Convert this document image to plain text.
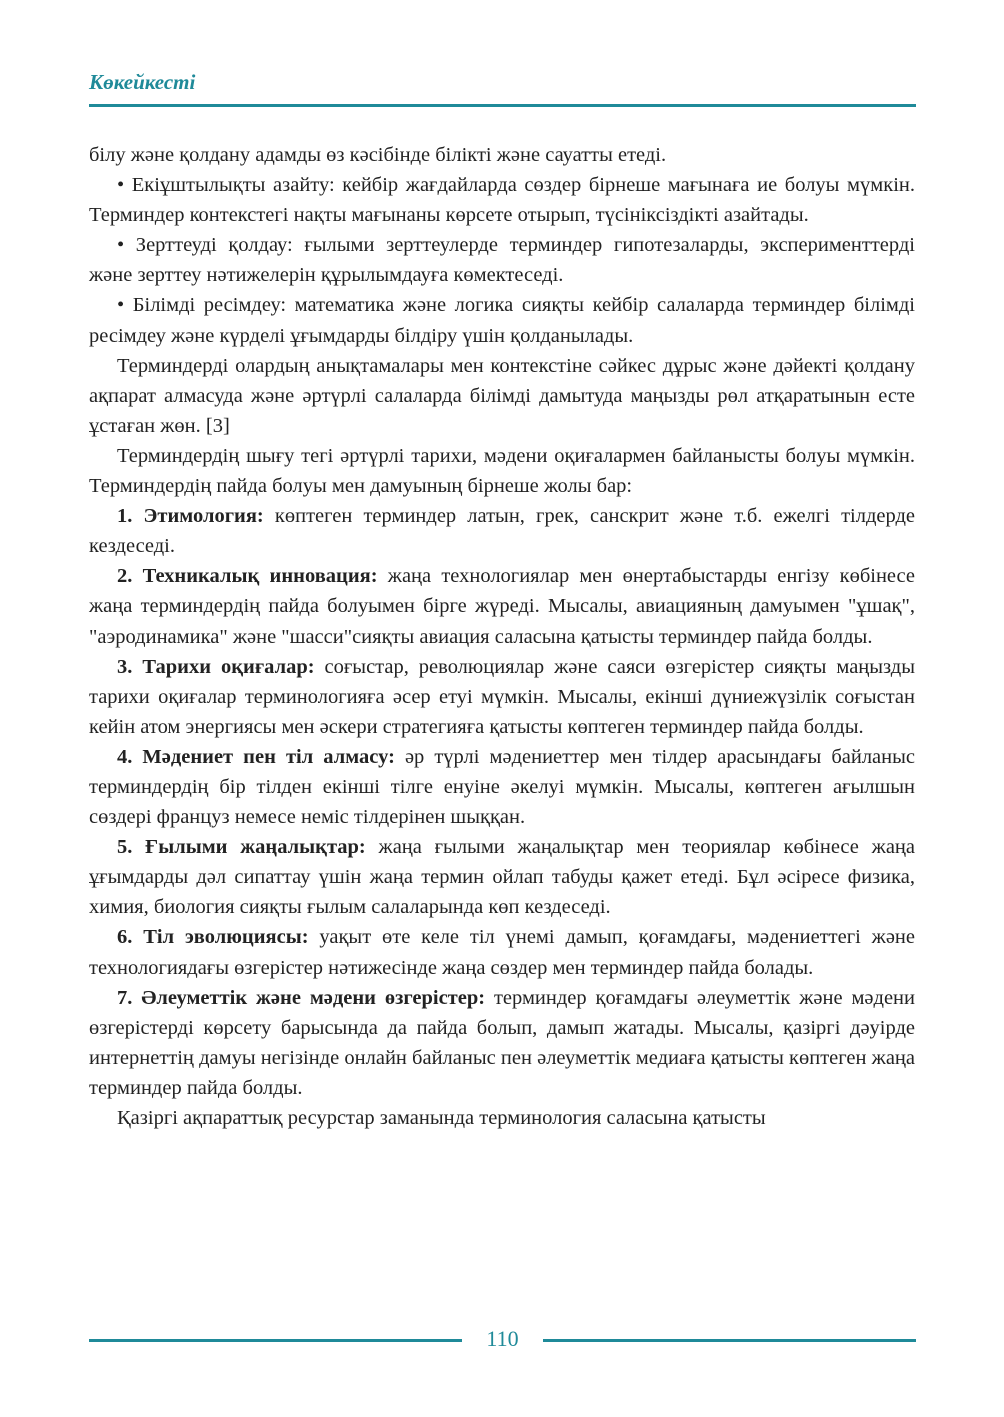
Көкейкесті

білу және қолдану адамды өз кәсібінде білікті және сауатты етеді.

• Екіұштылықты азайту: кейбір жағдайларда сөздер бірнеше мағынаға ие болуы мүмкін. Терминдер контекстегі нақты мағынаны көрсете отырып, түсініксіздікті азайтады.

• Зерттеуді қолдау: ғылыми зерттеулерде терминдер гипотезаларды, эксперименттерді және зерттеу нәтижелерін құрылымдауға көмектеседі.

• Білімді ресімдеу: математика және логика сияқты кейбір салаларда терминдер білімді ресімдеу және күрделі ұғымдарды білдіру үшін қолданылады.

Терминдерді олардың анықтамалары мен контекстіне сәйкес дұрыс және дәйекті қолдану ақпарат алмасуда және әртүрлі салаларда білімді дамытуда маңызды рөл атқаратынын есте ұстаған жөн. [3]

Терминдердің шығу тегі әртүрлі тарихи, мәдени оқиғалармен байланысты болуы мүмкін. Терминдердің пайда болуы мен дамуының бірнеше жолы бар:

1. Этимология: көптеген терминдер латын, грек, санскрит және т.б. ежелгі тілдерде кездеседі.

2. Техникалық инновация: жаңа технологиялар мен өнертабыстарды енгізу көбінесе жаңа терминдердің пайда болуымен бірге жүреді. Мысалы, авиацияның дамуымен "ұшақ", "аэродинамика" және "шасси"сияқты авиация саласына қатысты терминдер пайда болды.

3. Тарихи оқиғалар: соғыстар, революциялар және саяси өзгерістер сияқты маңызды тарихи оқиғалар терминологияға әсер етуі мүмкін. Мысалы, екінші дүниежүзілік соғыстан кейін атом энергиясы мен әскери стратегияға қатысты көптеген терминдер пайда болды.

4. Мәдениет пен тіл алмасу: әр түрлі мәдениеттер мен тілдер арасындағы байланыс терминдердің бір тілден екінші тілге енуіне әкелуі мүмкін. Мысалы, көптеген ағылшын сөздері француз немесе неміс тілдерінен шыққан.

5. Ғылыми жаңалықтар: жаңа ғылыми жаңалықтар мен теориялар көбінесе жаңа ұғымдарды дәл сипаттау үшін жаңа термин ойлап табуды қажет етеді. Бұл әсіресе физика, химия, биология сияқты ғылым салаларында көп кездеседі.

6. Тіл эволюциясы: уақыт өте келе тіл үнемі дамып, қоғамдағы, мәдениеттегі және технологиядағы өзгерістер нәтижесінде жаңа сөздер мен терминдер пайда болады.

7. Әлеуметтік және мәдени өзгерістер: терминдер қоғамдағы әлеуметтік және мәдени өзгерістерді көрсету барысында да пайда болып, дамып жатады. Мысалы, қазіргі дәуірде интернеттің дамуы негізінде онлайн байланыс пен әлеуметтік медиаға қатысты көптеген жаңа терминдер пайда болды.

Қазіргі ақпараттық ресурстар заманында терминология саласына қатысты

110
